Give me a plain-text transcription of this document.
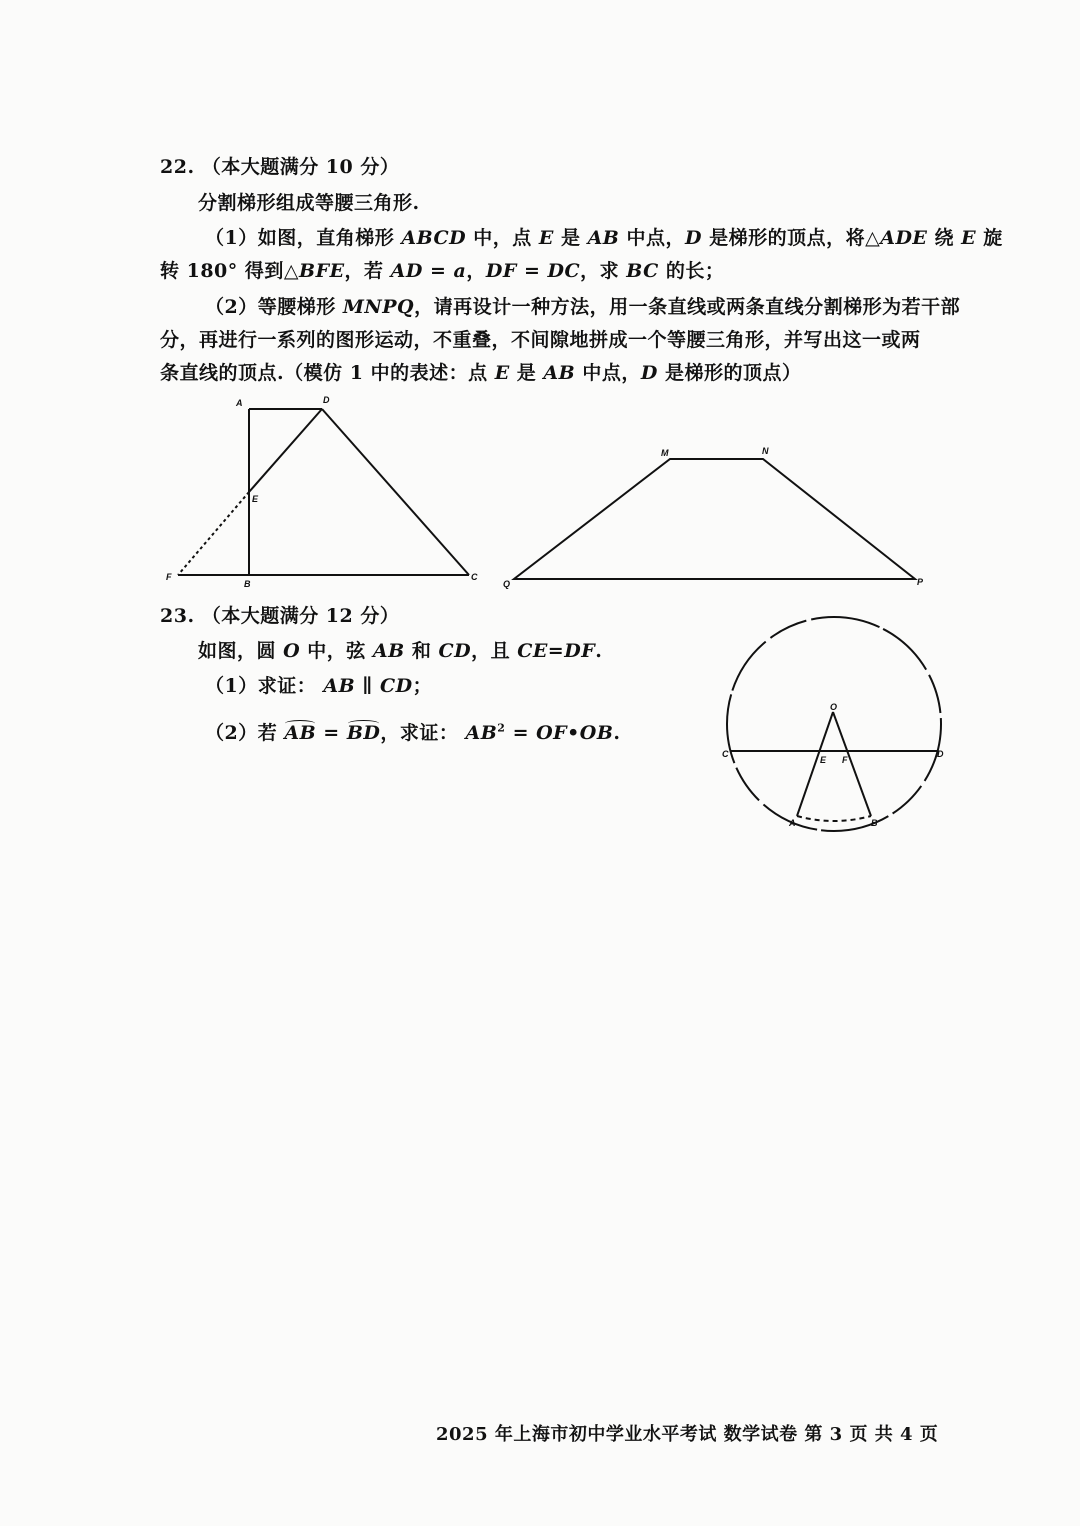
22. （本大题满分 10 分）
分割梯形组成等腰三角形.
（1）如图，直角梯形 ABCD 中，点 E 是 AB 中点，D 是梯形的顶点，将△ADE 绕 E 旋
转 180° 得到△BFE，若 AD = a，DF = DC，求 BC 的长；
（2）等腰梯形 MNPQ，请再设计一种方法，用一条直线或两条直线分割梯形为若干部
分，再进行一系列的图形运动，不重叠，不间隙地拼成一个等腰三角形，并写出这一或两
条直线的顶点.（模仿 1 中的表述：点 E 是 AB 中点，D 是梯形的顶点）
A	D
E
F
B
C
M	N
Q	P
O
C	D
E F
A	B
23. （本大题满分 12 分）
如图，圆 O 中，弦 AB 和 CD，且 CE=DF.
（1）求证： AB ∥ CD；
（2）若 AB = BD，求证： $AB^2$ = OF•OB.
2025 年上海市初中学业水平考试 数学试卷 第 3 页 共 4 页
